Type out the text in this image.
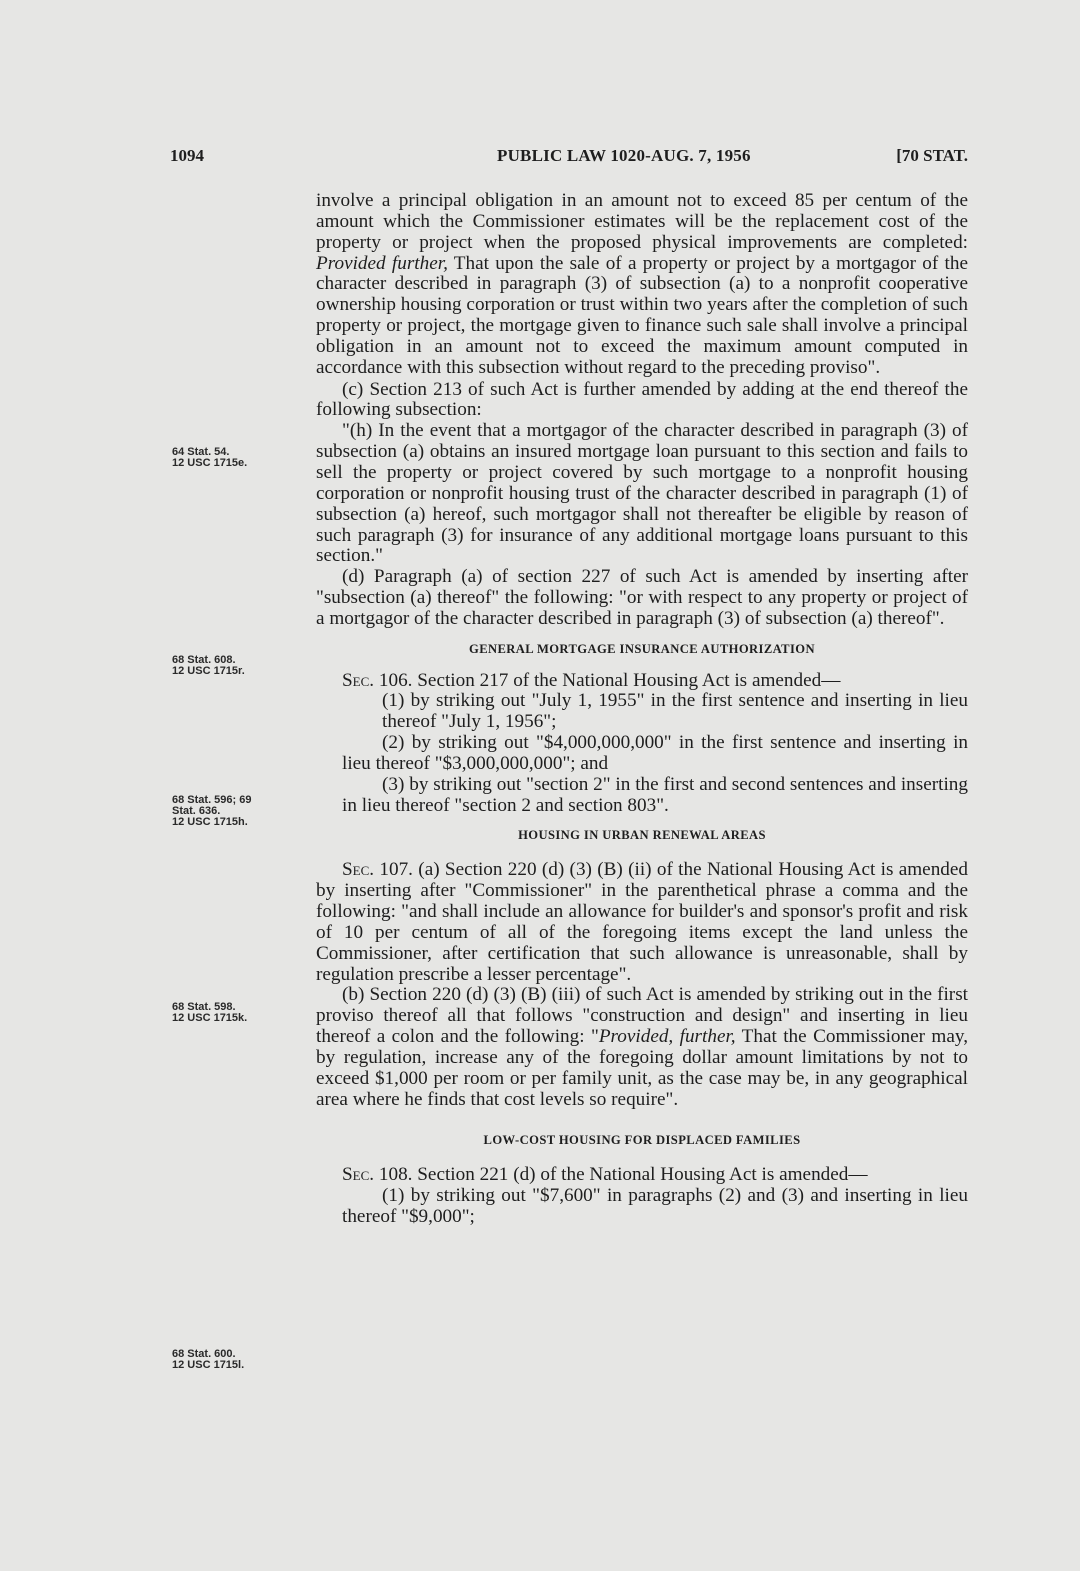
1094	PUBLIC LAW 1020-AUG. 7, 1956	[70 STAT.
64 Stat. 54.
12 USC 1715e.
68 Stat. 608.
12 USC 1715r.
68 Stat. 596; 69
Stat. 636.
12 USC 1715h.
68 Stat. 598.
12 USC 1715k.
68 Stat. 600.
12 USC 1715l.

involve a principal obligation in an amount not to exceed 85 per centum of the amount which the Commissioner estimates will be the replacement cost of the property or project when the proposed physical improvements are completed: Provided further, That upon the sale of a property or project by a mortgagor of the character described in paragraph (3) of subsection (a) to a nonprofit cooperative ownership housing corporation or trust within two years after the completion of such property or project, the mortgage given to finance such sale shall involve a principal obligation in an amount not to exceed the maximum amount computed in accordance with this subsection without regard to the preceding proviso".

(c) Section 213 of such Act is further amended by adding at the end thereof the following subsection:

"(h) In the event that a mortgagor of the character described in paragraph (3) of subsection (a) obtains an insured mortgage loan pursuant to this section and fails to sell the property or project covered by such mortgage to a nonprofit housing corporation or nonprofit housing trust of the character described in paragraph (1) of subsection (a) hereof, such mortgagor shall not thereafter be eligible by reason of such paragraph (3) for insurance of any additional mortgage loans pursuant to this section."

(d) Paragraph (a) of section 227 of such Act is amended by inserting after "subsection (a) thereof" the following: "or with respect to any property or project of a mortgagor of the character described in paragraph (3) of subsection (a) thereof".

GENERAL MORTGAGE INSURANCE AUTHORIZATION

Sec. 106. Section 217 of the National Housing Act is amended—

(1) by striking out "July 1, 1955" in the first sentence and inserting in lieu thereof "July 1, 1956";

(2) by striking out "$4,000,000,000" in the first sentence and inserting in lieu thereof "$3,000,000,000"; and

(3) by striking out "section 2" in the first and second sentences and inserting in lieu thereof "section 2 and section 803".

HOUSING IN URBAN RENEWAL AREAS

Sec. 107. (a) Section 220 (d) (3) (B) (ii) of the National Housing Act is amended by inserting after "Commissioner" in the parenthetical phrase a comma and the following: "and shall include an allowance for builder's and sponsor's profit and risk of 10 per centum of all of the foregoing items except the land unless the Commissioner, after certification that such allowance is unreasonable, shall by regulation prescribe a lesser percentage".

(b) Section 220 (d) (3) (B) (iii) of such Act is amended by striking out in the first proviso thereof all that follows "construction and design" and inserting in lieu thereof a colon and the following: "Provided, further, That the Commissioner may, by regulation, increase any of the foregoing dollar amount limitations by not to exceed $1,000 per room or per family unit, as the case may be, in any geographical area where he finds that cost levels so require".

LOW-COST HOUSING FOR DISPLACED FAMILIES

Sec. 108. Section 221 (d) of the National Housing Act is amended—

(1) by striking out "$7,600" in paragraphs (2) and (3) and inserting in lieu thereof "$9,000";
